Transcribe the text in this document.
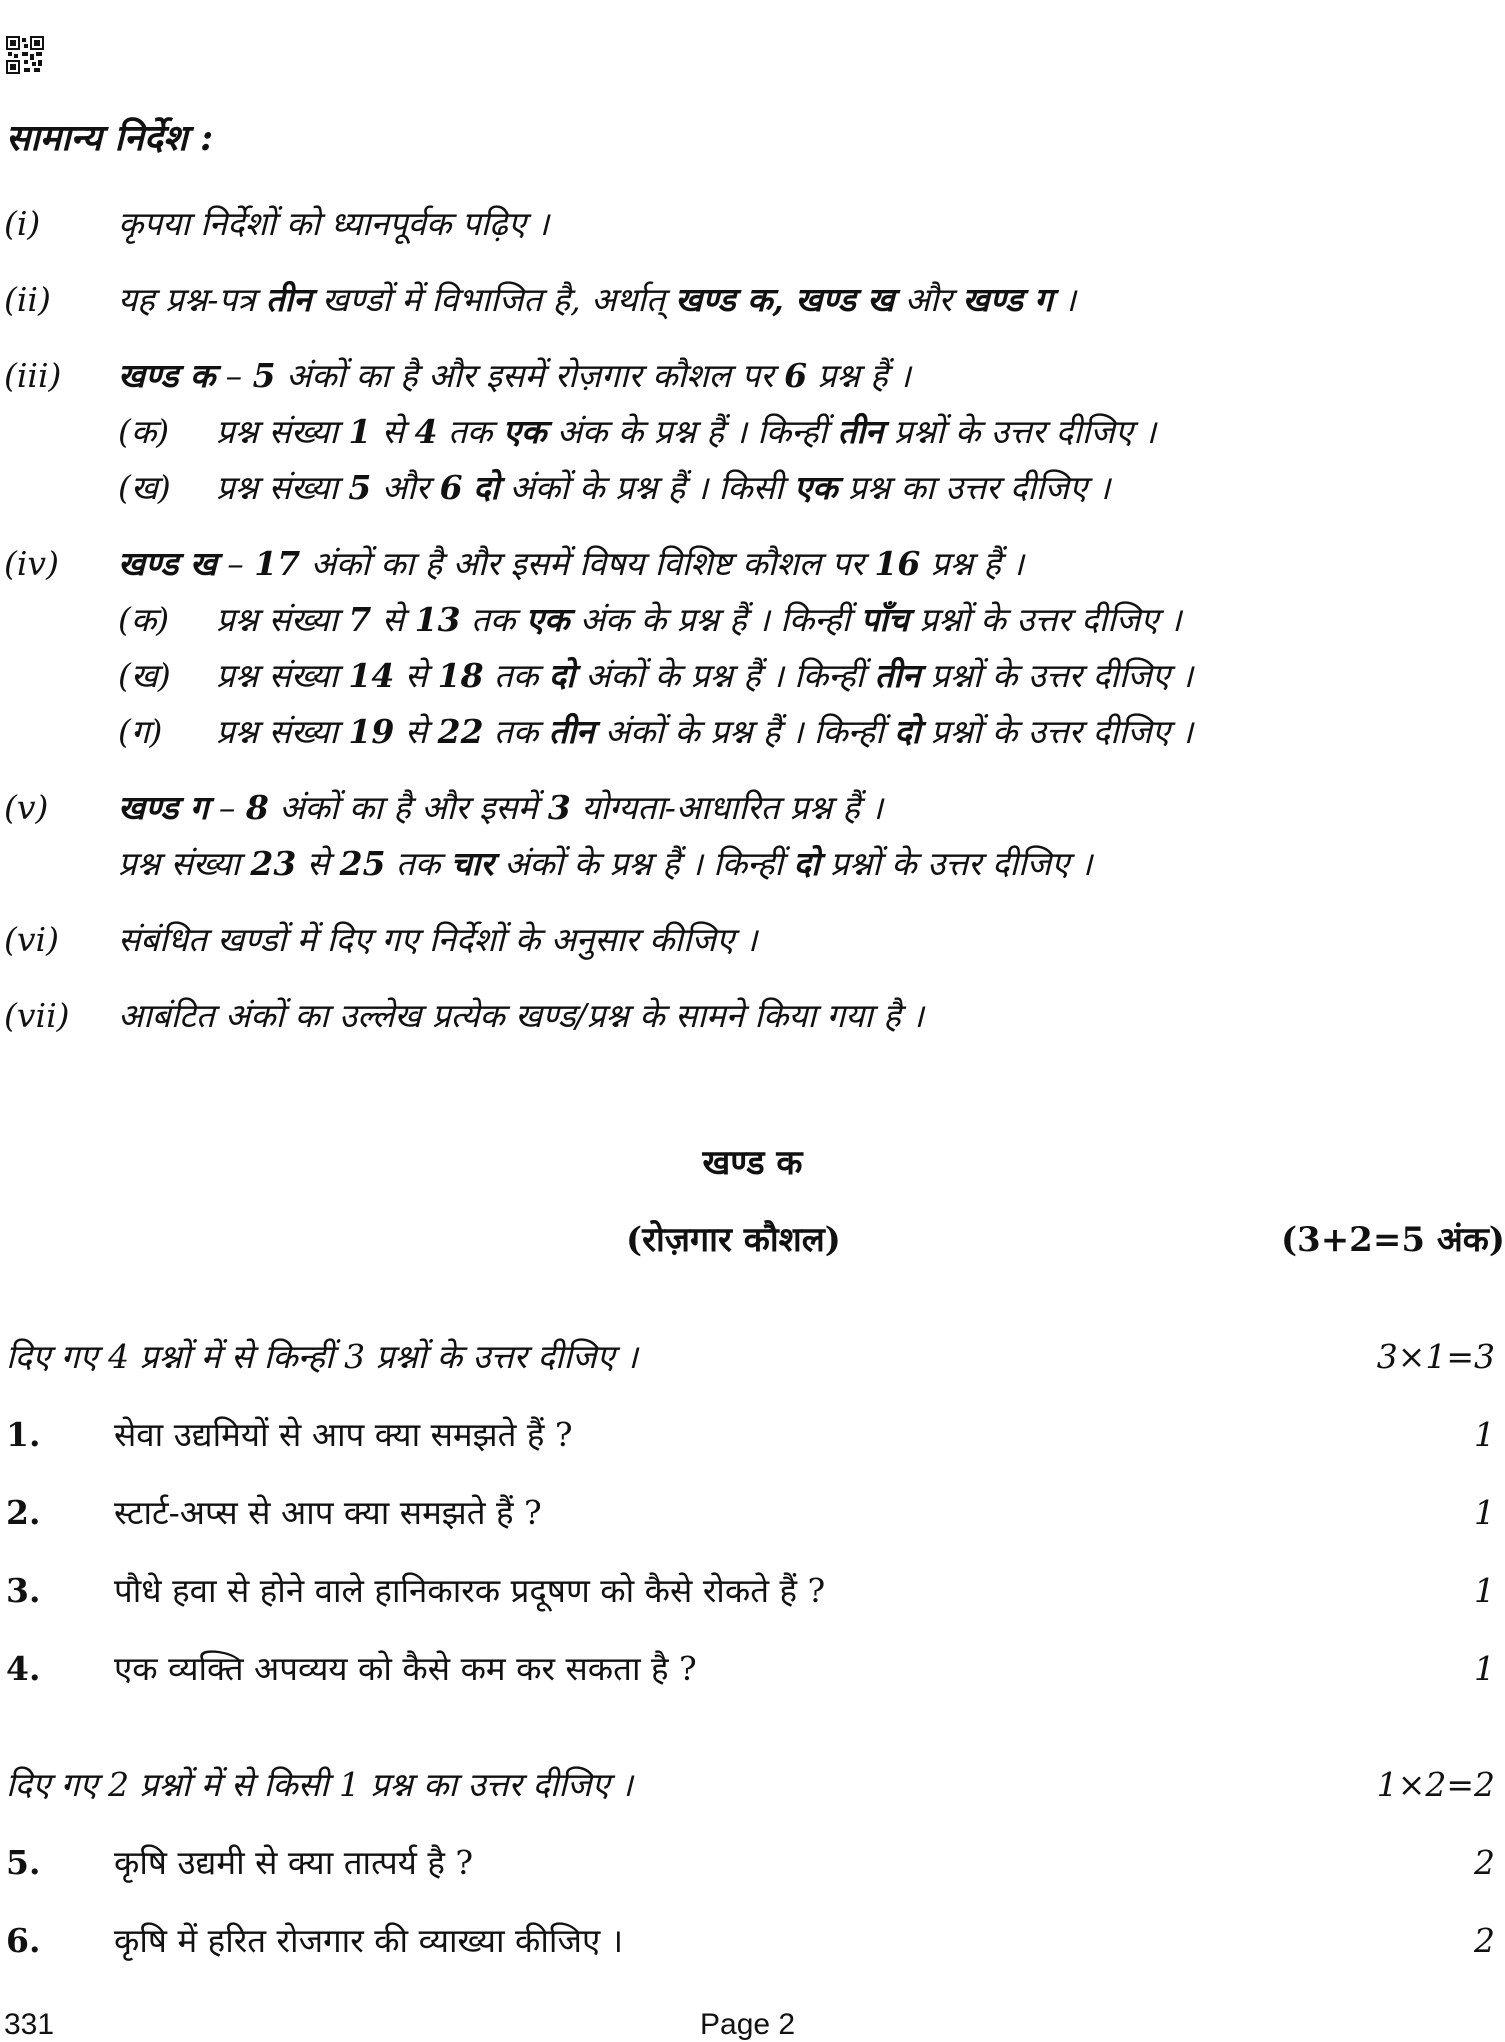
सामान्य निर्देश :
(i) कृपया निर्देशों को ध्यानपूर्वक पढ़िए ।
(ii) यह प्रश्न-पत्र तीन खण्डों में विभाजित है, अर्थात् खण्ड क, खण्ड ख और खण्ड ग ।
(iii) खण्ड क – 5 अंकों का है और इसमें रोज़गार कौशल पर 6 प्रश्न हैं ।
(क) प्रश्न संख्या 1 से 4 तक एक अंक के प्रश्न हैं । किन्हीं तीन प्रश्नों के उत्तर दीजिए ।
(ख) प्रश्न संख्या 5 और 6 दो अंकों के प्रश्न हैं । किसी एक प्रश्न का उत्तर दीजिए ।
(iv) खण्ड ख – 17 अंकों का है और इसमें विषय विशिष्ट कौशल पर 16 प्रश्न हैं ।
(क) प्रश्न संख्या 7 से 13 तक एक अंक के प्रश्न हैं । किन्हीं पाँच प्रश्नों के उत्तर दीजिए ।
(ख) प्रश्न संख्या 14 से 18 तक दो अंकों के प्रश्न हैं । किन्हीं तीन प्रश्नों के उत्तर दीजिए ।
(ग) प्रश्न संख्या 19 से 22 तक तीन अंकों के प्रश्न हैं । किन्हीं दो प्रश्नों के उत्तर दीजिए ।
(v) खण्ड ग – 8 अंकों का है और इसमें 3 योग्यता-आधारित प्रश्न हैं ।
प्रश्न संख्या 23 से 25 तक चार अंकों के प्रश्न हैं । किन्हीं दो प्रश्नों के उत्तर दीजिए ।
(vi) संबंधित खण्डों में दिए गए निर्देशों के अनुसार कीजिए ।
(vii) आबंटित अंकों का उल्लेख प्रत्येक खण्ड/प्रश्न के सामने किया गया है ।
खण्ड क
(रोज़गार कौशल)	(3+2=5 अंक)
दिए गए 4 प्रश्नों में से किन्हीं 3 प्रश्नों के उत्तर दीजिए ।	3×1=3
1. सेवा उद्यमियों से आप क्या समझते हैं ?	1
2. स्टार्ट-अप्स से आप क्या समझते हैं ?	1
3. पौधे हवा से होने वाले हानिकारक प्रदूषण को कैसे रोकते हैं ?	1
4. एक व्यक्ति अपव्यय को कैसे कम कर सकता है ?	1
दिए गए 2 प्रश्नों में से किसी 1 प्रश्न का उत्तर दीजिए ।	1×2=2
5. कृषि उद्यमी से क्या तात्पर्य है ?	2
6. कृषि में हरित रोजगार की व्याख्या कीजिए ।	2
331	Page 2
